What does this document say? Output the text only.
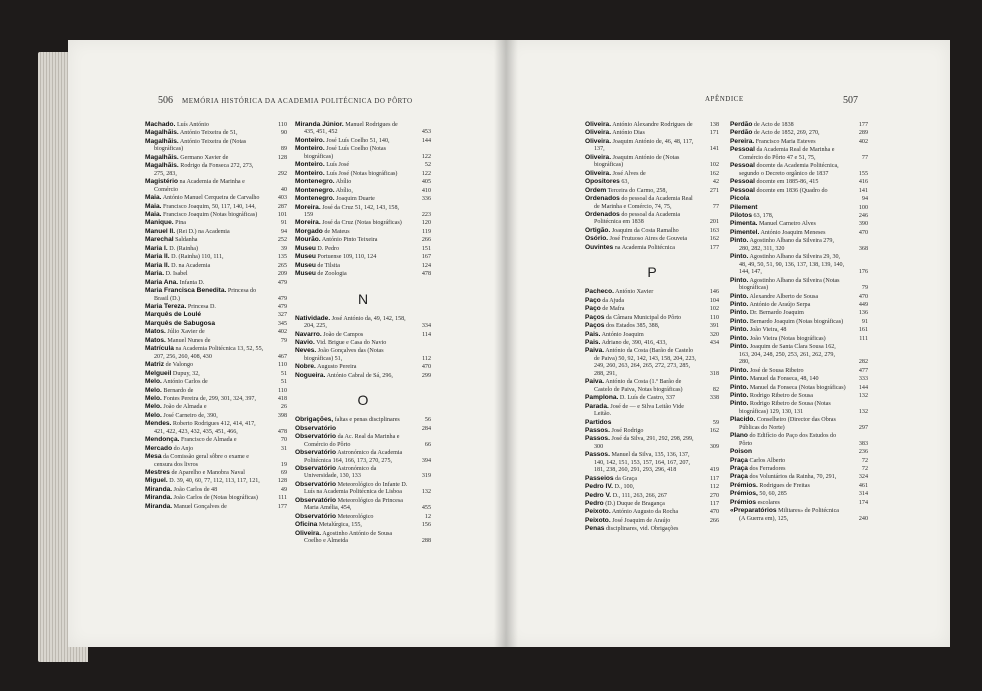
506 MEMÓRIA HISTÓRICA DA ACADEMIA POLITÉCNICA DO PÔRTO	APÊNDICE	507
Machado. Luís António	110
Magalhãis. António Teixeira de 51,	90
Magalhãis. António Teixeira de (Notas biográficas)	89
Magalhãis. Germano Xavier de	128
Magalhãis. Rodrigo da Fonseca 272, 273, 275, 283,	292
Magistério na Academia de Marinha e Comércio	40
Maia. António Manuel Cerqueira de Carvalho	403
Maia. Francisco Joaquim, 50, 117, 140, 144,	287
Maia. Francisco Joaquim (Notas biográficas)	101
Manique. Pina	91
Manuel II. (Rei D.) na Academia	94
Marechal Saldanha	252
Maria I. D. (Rainha)	39
Maria II. D. (Rainha) 110, 111,	135
Maria II. D. na Academia	265
Maria. D. Isabel	209
Maria Ana. Infanta D.	479
Maria Francisca Benedita. Princesa do Brasil (D.)	479
Maria Tereza. Princesa D.	479
Marquês de Loulé	327
Marquês de Sabugosa	345
Matos. Júlio Xavier de	402
Matos. Manuel Nunes de	79
Matrícula na Academia Politécnica 13, 52, 55, 207, 256, 260, 408, 430	467
Matriz de Valongo	110
Melgueil Dupuy, 32,	51
Melo. António Carlos de	51
Melo. Bernardo de	110
Melo. Fontes Pereira de, 299, 301, 324, 397,	418
Melo. João de Almada e	26
Melo. José Carneiro de, 390,	398
Mendes. Roberto Rodrigues 412, 414, 417, 421, 422, 423, 432, 435, 451, 466,	478
Mendonça. Francisco de Almada e	70
Mercado do Anjo	31
Mesa da Comissão geral sôbre o exame e censura dos livros	19
Mestres de Aparelho e Manobra Naval	69
Miguel. D. 39, 40, 60, 77, 112, 113, 117, 121,	128
Miranda. João Carlos de 48	49
Miranda. João Carlos de (Notas biográficas)	111
Miranda. Manuel Gonçalves de	177
Miranda Júnior. Manuel Rodrigues de 435, 451, 452	453
Monteiro. José Luís Coelho 51, 140,	144
Monteiro. José Luís Coelho (Notas biográficas)	122
Monteiro. Luís José	52
Monteiro. Luís José (Notas biográficas)	122
Montenegro. Abílio	405
Montenegro. Abílio,	410
Montenegro. Joaquim Duarte	336
Moreira. José da Cruz 51, 142, 143, 158, 159	223
Moreira. José da Cruz (Notas biográficas)	120
Morgado de Mateus	119
Mourão. António Pinto Teixeira	266
Museu D. Pedro	151
Museu Portuense 109, 110, 124	167
Museu de Tilsita	124
Museu de Zoologia	478
N
Natividade. José António da, 49, 142, 158, 204, 225,	334
Navarro. João de Campos	114
Navio. Vid. Brigue e Casa do Navio
Neves. João Gonçalves das (Notas biográficas) 51,	112
Nobre. Augusto Pereira	470
Nogueira. António Cabral de Sá, 296,	299
O
Obrigações, faltas e penas disciplinares	56
Observatório	284
Observatório da Ac. Real da Marinha e Comércio do Pôrto	66
Observatório Astronómico da Academia Politécnica 164, 166, 173, 270, 275,	394
Observatório Astronómico da Universidade, 130, 133	319
Observatório Meteorológico do Infante D. Luís na Academia Politécnica de Lisboa	132
Observatório Meteorológico da Princesa Maria Amélia, 454,	455
Observatório Meteorológico	12
Oficina Metalúrgica, 155,	156
Oliveira. Agostinho António de Sousa Coelho e Almeida	288
Oliveira. António Alexandre Rodrigues de	138
Oliveira. António Dias	171
Oliveira. Joaquim António de, 46, 48, 117, 137,	141
Oliveira. Joaquim António de (Notas biográficas)	102
Oliveira. José Alves de	162
Opositores 63,	42
Ordem Terceira do Carmo, 258,	271
Ordenados do pessoal da Academia Real de Marinha e Comércio, 74, 75,	77
Ordenados do pessoal da Academia Politécnica em 1838	201
Ortigão. Joaquim da Costa Ramalho	163
Osório. José Frutuoso Aires de Gouveia	162
Ouvintes na Academia Politécnica	177
P
Pacheco. António Xavier	146
Paço da Ajuda	104
Paço de Mafra	102
Paços da Câmara Municipal do Pôrto	110
Paços dos Estados 385, 388,	391
Pais. António Joaquim	320
Pais. Adriano de, 390, 416, 433,	434
Paiva. António da Costa (Barão de Castelo de Paiva) 50, 92, 142, 143, 158, 204, 223, 249, 260, 263, 264, 265, 272, 273, 285, 288, 291,	318
Paiva. António da Costa (1.º Barão de Castelo de Paiva, Notas biográficas)	82
Pamplona. D. Luís de Castro, 337	338
Parada. José de — e Silva Leitão Vide Leitão.
Partidos	59
Passos. José Rodrigo	162
Passos. José da Silva, 291, 292, 298, 299, 300	309
Passos. Manuel da Silva, 135, 136, 137, 140, 142, 151, 153, 157, 164, 167, 207, 181, 238, 260, 291, 293, 296, 418	419
Passeios da Graça	117
Pedro IV. D., 100,	112
Pedro V. D., 111, 263, 266, 267	270
Pedro (D.) Duque de Bragança	117
Peixoto. António Augusto da Rocha	470
Peixoto. José Joaquim de Araújo	266
Penas disciplinares, vid. Obrigações
Perdão de Acto de 1838	177
Perdão de Acto de 1852, 269, 270,	289
Pereira. Francisco Maria Esteves	402
Pessoal da Academia Real de Marinha e Comércio do Pôrto 47 e 51, 75,	77
Pessoal docente da Academia Politécnica, segundo o Decreto orgânico de 1837	155
Pessoal docente em 1885-86, 415	416
Pessoal docente em 1836 (Quadro do	141
Picola	94
Pilement	100
Pilotos 63, 178,	246
Pimenta. Manuel Carneiro Alves	390
Pimentel. António Joaquim Meneses	470
Pinto. Agostinho Albano da Silveira 279, 280, 282, 311, 320	368
Pinto. Agostinho Albano da Silveira 29, 30, 48, 49, 50, 51, 90, 136, 137, 138, 139, 140, 144, 147,	176
Pinto. Agostinho Albano da Silveira (Notas biográficas)	79
Pinto. Alexandre Alberto de Sousa	470
Pinto. António de Araújo Serpa	449
Pinto. Dr. Bernardo Joaquim	136
Pinto. Bernardo Joaquim (Notas biográficas)	91
Pinto. João Vieira, 48	161
Pinto. João Vieira (Notas biográficas)	111
Pinto. Joaquim de Santa Clara Sousa 162, 163, 204, 248, 250, 253, 261, 262, 279, 280,	282
Pinto. José de Sousa Ribeiro	477
Pinto. Manuel da Fonseca, 48, 140	333
Pinto. Manuel da Fonseca (Notas biográficas) 144
Pinto. Rodrigo Ribeiro de Sousa	132
Pinto. Rodrigo Ribeiro de Sousa (Notas biográficas) 129, 130, 131	132
Placido. Conselheiro (Director das Obras Públicas do Norte)	297
Plano do Edifício do Paço dos Estudos do Pôrto	383
Poison	236
Praça Carlos Alberto	72
Praça dos Ferradores	72
Praça dos Voluntários da Rainha, 70, 291,	324
Prémios. Rodrigues de Freitas	461
Prémios, 50, 60, 285	314
Prémios escolares	174
«Preparatórios Militares» de Politécnica (A Guerra em), 125,	240
